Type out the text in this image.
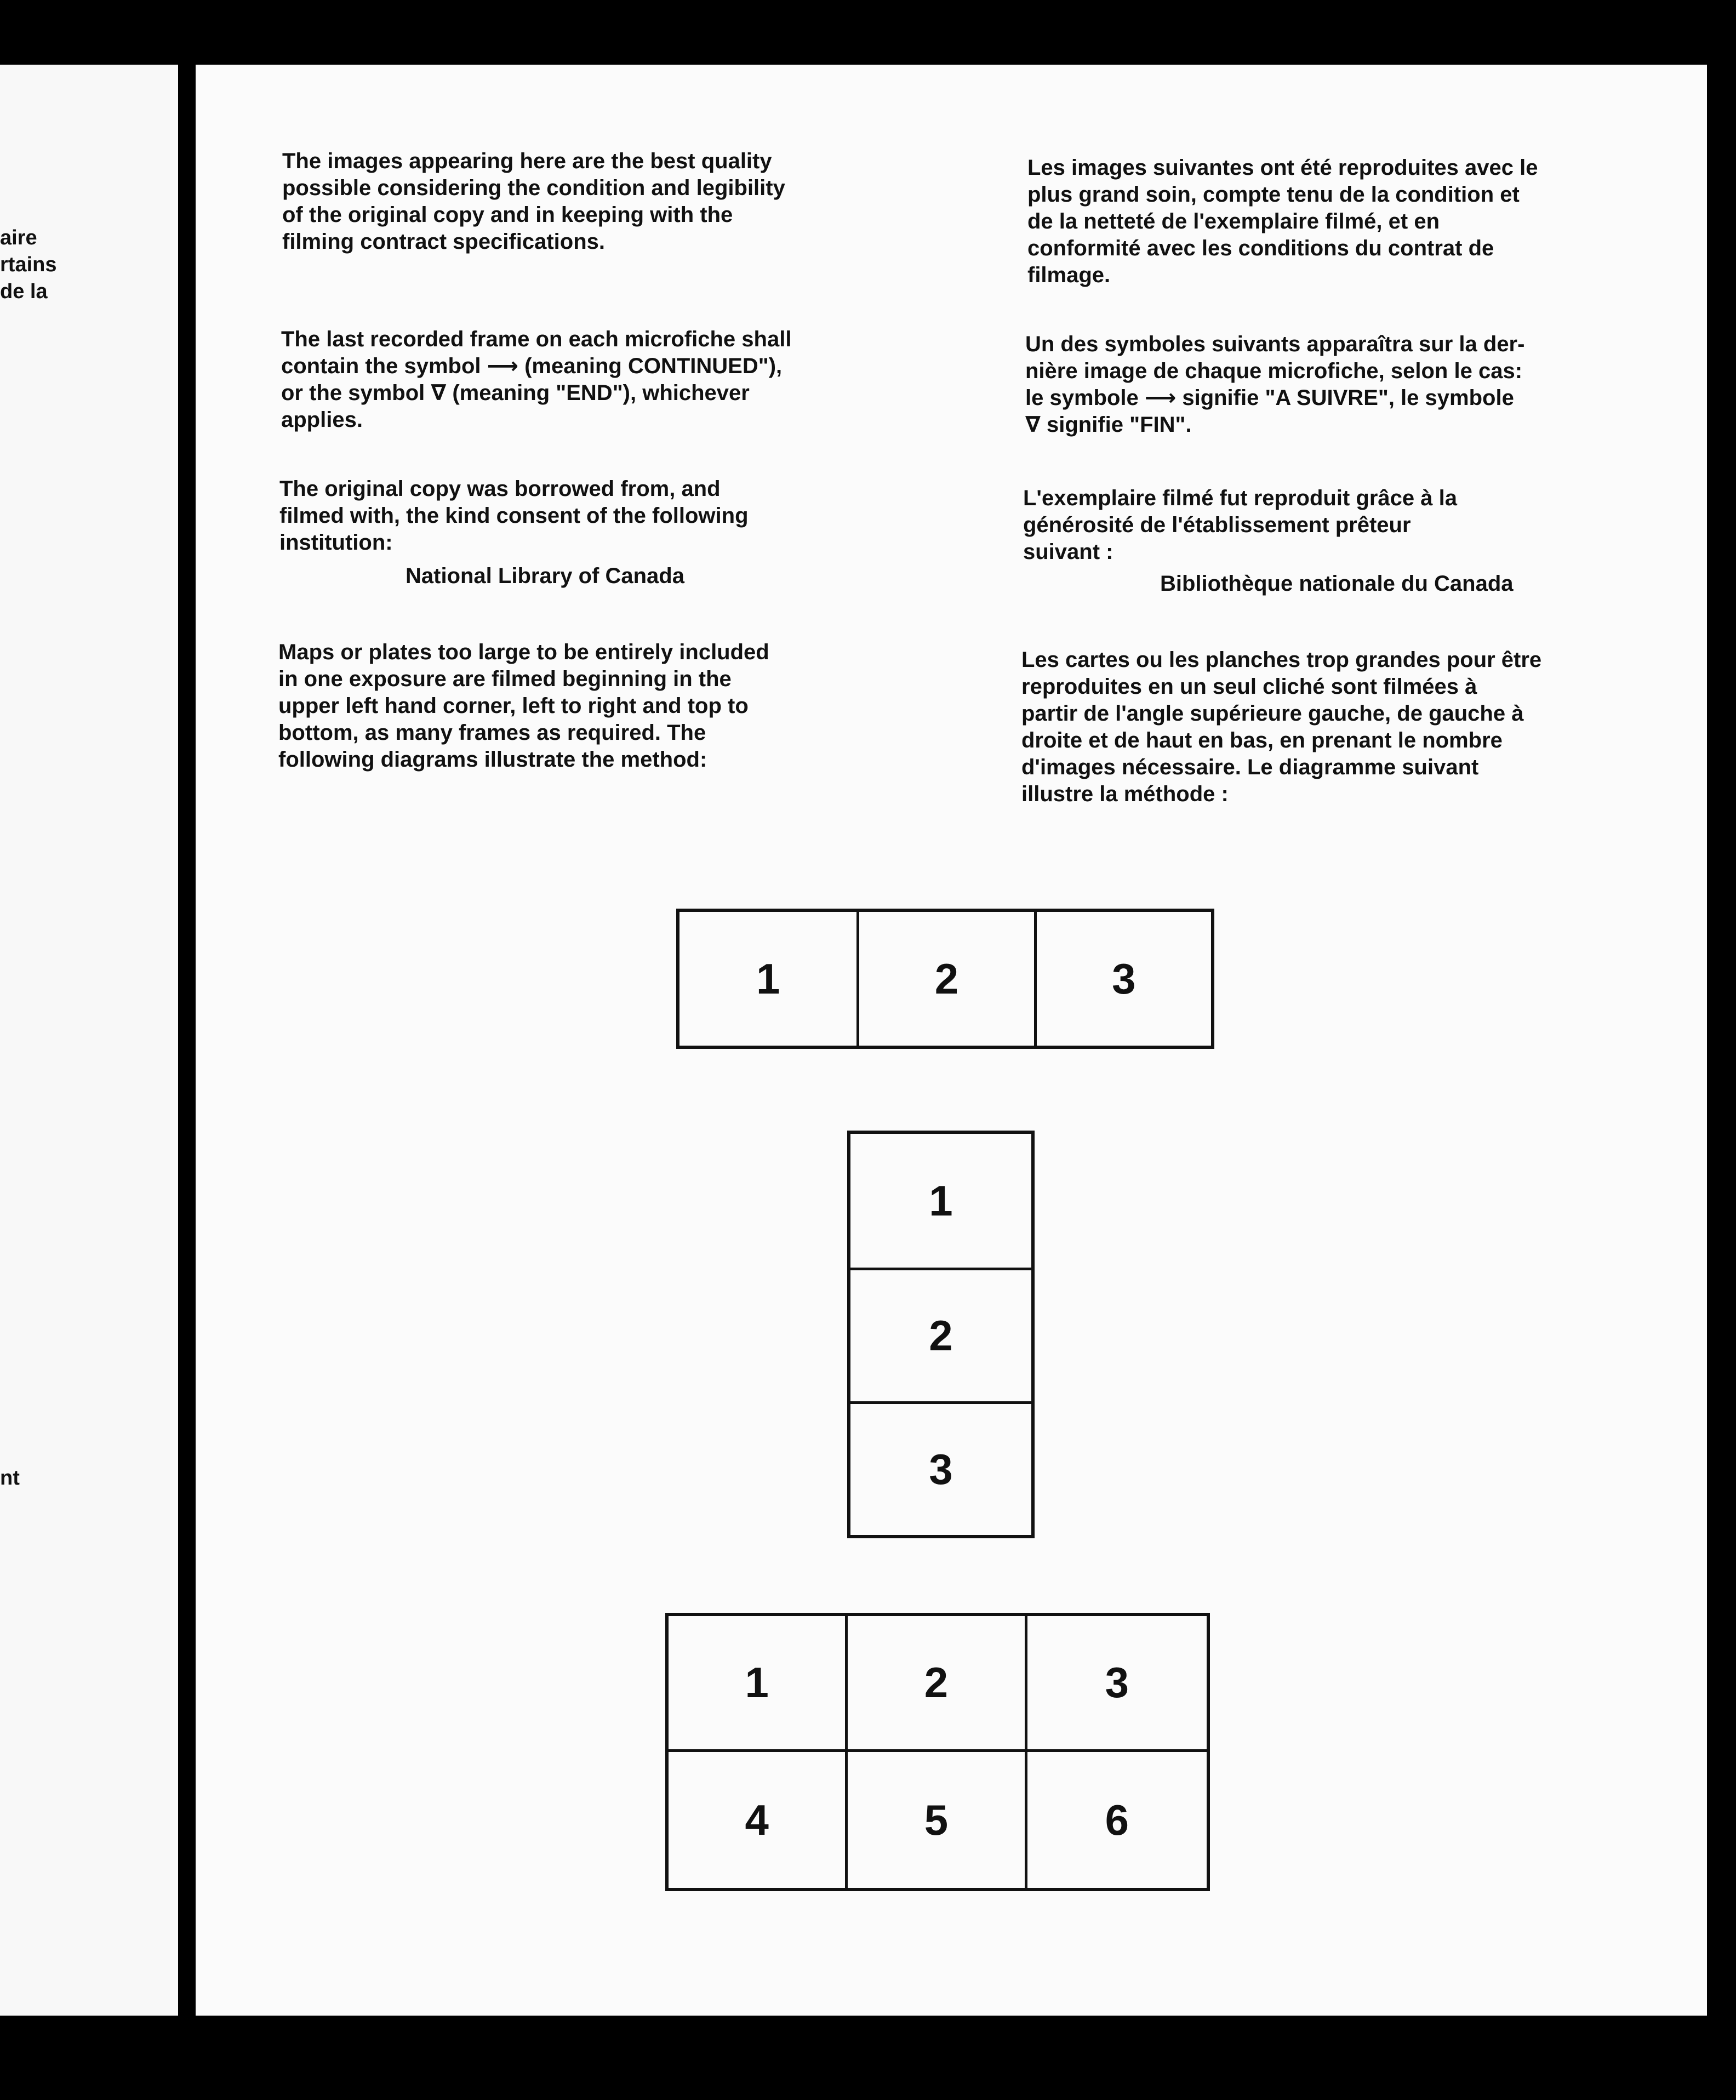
aire
rtains
de la
nt

The images appearing here are the best quality
possible considering the condition and legibility
of the original copy and in keeping with the
filming contract specifications.

The last recorded frame on each microfiche shall
contain the symbol ⟶ (meaning CONTINUED"),
or the symbol ∇ (meaning "END"), whichever
applies.

The original copy was borrowed from, and
filmed with, the kind consent of the following
institution:

National Library of Canada

Maps or plates too large to be entirely included
in one exposure are filmed beginning in the
upper left hand corner, left to right and top to
bottom, as many frames as required. The
following diagrams illustrate the method:

Les images suivantes ont été reproduites avec le
plus grand soin, compte tenu de la condition et
de la netteté de l'exemplaire filmé, et en
conformité avec les conditions du contrat de
filmage.

Un des symboles suivants apparaîtra sur la der-
nière image de chaque microfiche, selon le cas:
le symbole ⟶ signifie "A SUIVRE", le symbole
∇ signifie "FIN".

L'exemplaire filmé fut reproduit grâce à la
générosité de l'établissement prêteur
suivant :

Bibliothèque nationale du Canada

Les cartes ou les planches trop grandes pour être
reproduites en un seul cliché sont filmées à
partir de l'angle supérieure gauche, de gauche à
droite et de haut en bas, en prenant le nombre
d'images nécessaire. Le diagramme suivant
illustre la méthode :

1	2	3
1
2
3
1	2	3
4	5	6
